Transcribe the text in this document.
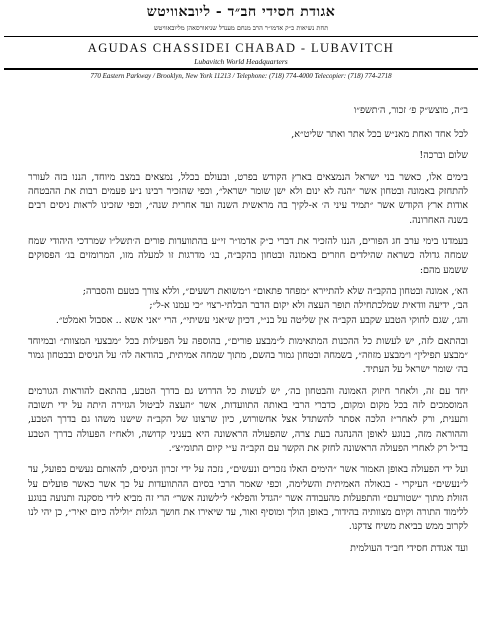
אגודת חסידי חב״ד - ליובאוויטש
תחת נשיאות כ״ק אדמו״ר הרב מנחם מענדל שניאורסאהן מליובאוויטש
AGUDAS CHASSIDEI CHABAD - LUBAVITCH
Lubavitch World Headquarters
770 Eastern Parkway / Brooklyn, New York 11213 / Telephone: (718) 774-4000 Telecopier: (718) 774-2718

ב״ה, מוצש״ק פ׳ זכור, ה׳תשפ״ו

לכל אחד ואחת מאנ״ש בכל אתר ואתר שליט״א,

שלום וברכה!

בימים אלו, כאשר בני ישראל הנמצאים בארץ הקודש בפרט, ובעולם בכלל, נמצאים במצב מיוחד, הננו בזה לעורר להתחזק באמונה ובטחון אשר ״הנה לא ינום ולא ישן שומר ישראל״, וכפי שהזכיר רבינו נ״ע פעמים רבות את ההבטחה אודות ארץ הקודש אשר ״תמיד עיני ה׳ א-לקיך בה מראשית השנה ועד אחרית שנה״, וכפי שזכינו לראות ניסים רבים בשנה האחרונה.

בעמדנו בימי ערב חג הפורים, הננו להזכיר את דברי כ״ק אדמו״ר זי״ע בהתוועדות פורים ה׳תשל״ו שמרדכי היהודי שמח שמחה גדולה כשראה שהילדים חוזרים באמונה ובטחון בהקב״ה, בג׳ מדרגות זו למעלה מזו, המרומזים בג׳ הפסוקים ששמע מהם:

הא׳, אמונה ובטחון בהקב״ה שלא להתיירא ״מפחד פתאום״ ו״משואת רשעים״, וללא צורך בטעם והסברה;

הב׳, ידיעה וודאית שמלכתחילה תופר העצה ולא יקום הדבר הבלתי-רצוי ״כי עמנו א-ל״;

והג׳, שגם לחוקי הטבע שקבע הקב״ה אין שליטה על בנ״י, דכיון ש״אני עשיתי״, הרי ״אני אשא .. אסבול ואמלט״.

ובהתאם לזה, יש לעשות כל ההכנות המתאימות ל״מבצע פורים״, בהוספה על הפעילות בכל ״מבצעי המצוות״ ובמיוחד ״מבצע תפילין״ ו״מבצע מזוזה״, בשמחה ובטחון גמור בהשם, מתוך שמחה אמיתית, בהודאה לה׳ על הניסים ובבטחון גמור בה׳ שומר ישראל על העתיד.

יחד עם זה, ולאחר חיזוק האמונה והבטחון בה׳, יש לעשות כל הדרוש גם בדרך הטבע, בהתאם להוראות הגורמים המוסמכים לזה בכל מקום ומקום, כדברי הרבי באותה התוועדות, אשר ״העצה לביטול הגזירה היתה על ידי תשובה ותענית, ורק לאחר״ז הלכה אסתר להשתדל אצל אחשורוש, כיון שרצונו של הקב״ה שישנו משהו גם בדרך הטבע, וההוראה מזה, בנוגע לאופן ההנהגה בעת צרה, שהפעולה הראשונה היא בעניני קדושה, ולאח״ז הפעולה בדרך הטבע בד״ל רק לאחרי הפעולה הראשונה לחזק את הקשר עם הקב״ה ע״י קיום התומ״צ״.

ועל ידי הפעולה באופן האמור אשר ״הימים האלו נזכרים ונעשים״, נזכה על ידי זכרון הניסים, להאותם נעשים בפועל, עד ל״נעשים״ העיקרי - בגאולה האמיתית והשלימה, וכפי שאמר הרבי בסיום ההתוועדות על כך אשר כאשר פועלים על הזולת מתוך ״שטורעם״ והתפעלות מהעבודה אשר ״הגדל והפלא״ ל״לשונה אשר״ הרי זה מביא לידי מסקנה ותנועה בנוגע ללימוד התורה וקיום מצוותיה בהידור, באופן הולך ומוסיף ואור, עד שיאירו את חושך הגלות ״ולילה כיום יאיר״, כן יהי לנו לקרוב ממש בביאת משיח צדקנו.

ועד אגודת חסידי חב״ד העולמית
